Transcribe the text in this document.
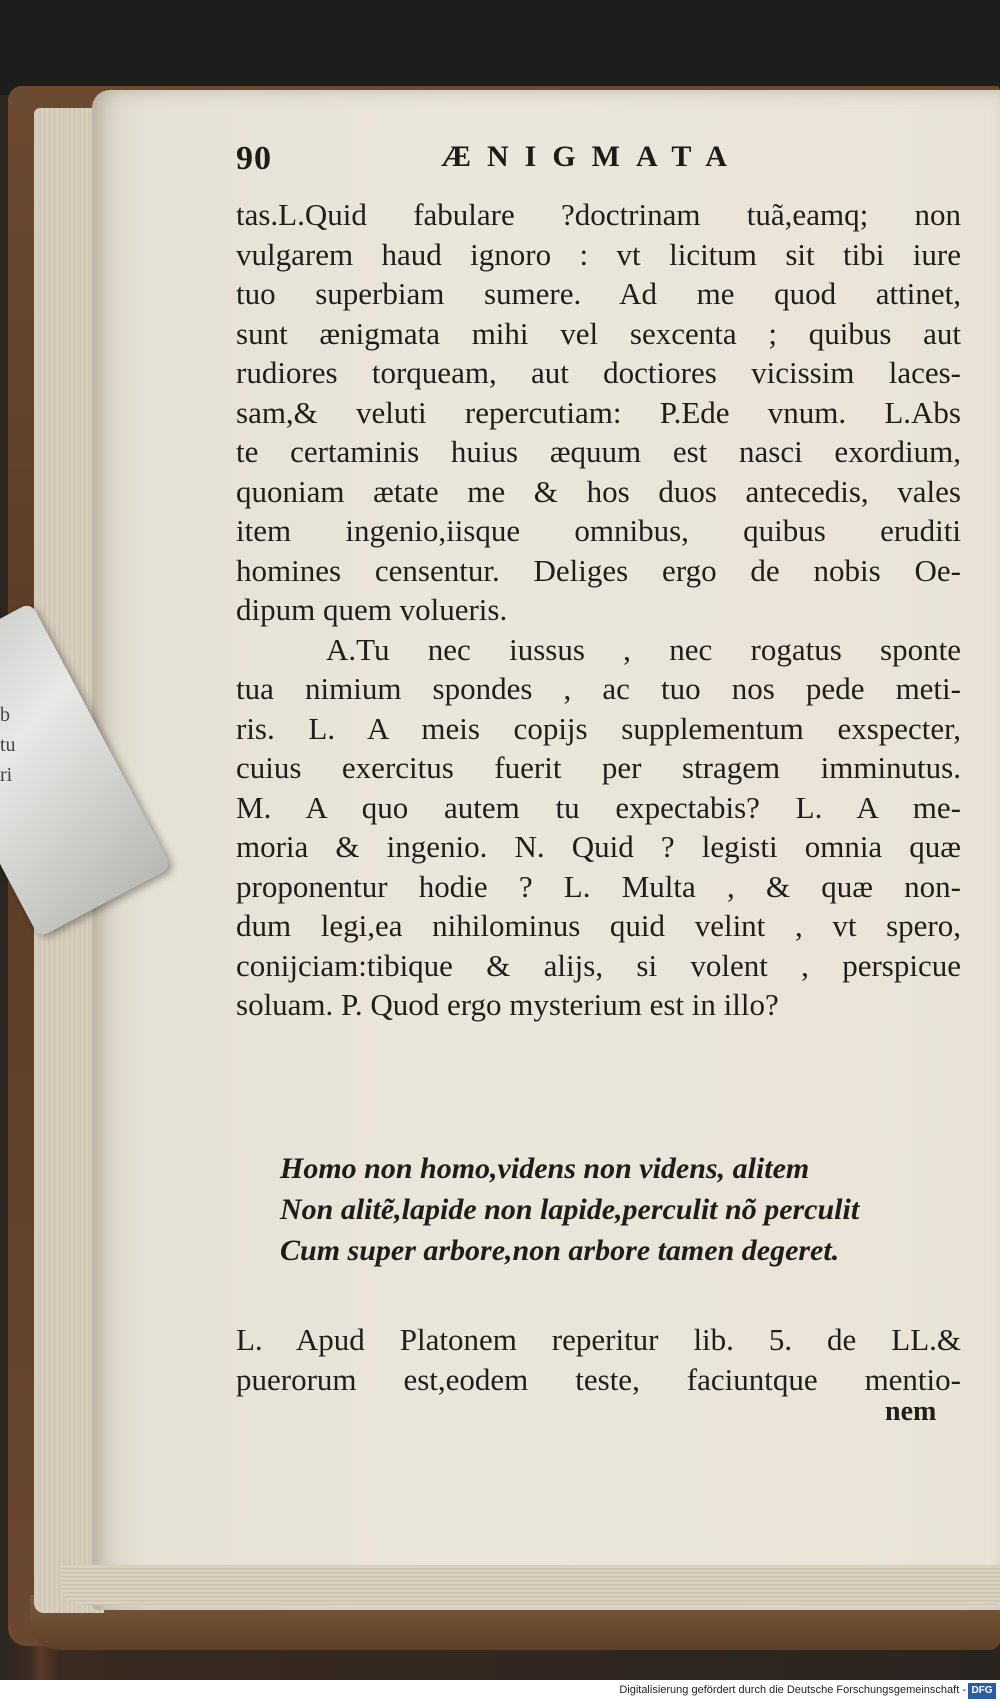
b
tu
ri
90	ÆNIGMATA
tas.L.Quid fabulare ?doctrinam tuã,eamq; non
vulgarem haud ignoro : vt licitum sit tibi iure
tuo superbiam sumere. Ad me quod attinet,
sunt ænigmata mihi vel sexcenta ; quibus aut
rudiores torqueam, aut doctiores vicissim laces-
sam,& veluti repercutiam: P.Ede vnum. L.Abs
te certaminis huius æquum est nasci exordium,
quoniam ætate me & hos duos antecedis, vales
item ingenio,iisque omnibus, quibus eruditi
homines censentur. Deliges ergo de nobis Oe-
dipum quem volueris.
A.Tu nec iussus , nec rogatus sponte
tua nimium spondes , ac tuo nos pede meti-
ris. L. A meis copijs supplementum exspecter,
cuius exercitus fuerit per stragem imminutus.
M. A quo autem tu expectabis? L. A me-
moria & ingenio. N. Quid ? legisti omnia quæ
proponentur hodie ? L. Multa , & quæ non-
dum legi,ea nihilominus quid velint , vt spero,
conijciam:tibique & alijs, si volent , perspicue
soluam. P. Quod ergo mysterium est in illo?
Homo non homo,videns non videns, alitem
Non alitẽ,lapide non lapide,perculit nõ perculit
Cum super arbore,non arbore tamen degeret.
L. Apud Platonem reperitur lib. 5. de LL.&
puerorum est,eodem teste, faciuntque mentio-
nem
Digitalisierung gefördert durch die Deutsche Forschungsgemeinschaft - DFG
